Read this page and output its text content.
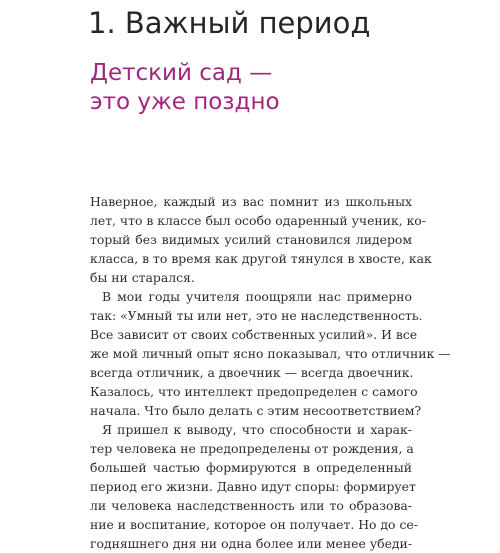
1. Важный период
Детский сад —
это уже поздно
Наверное, каждый из вас помнит из школьных
лет, что в классе был особо одаренный ученик, ко-
торый без видимых усилий становился лидером
класса, в то время как другой тянулся в хвосте, как
бы ни старался.
В мои годы учителя поощряли нас примерно
так: «Умный ты или нет, это не наследственность.
Все зависит от своих собственных усилий». И все
же мой личный опыт ясно показывал, что отличник —
всегда отличник, а двоечник — всегда двоечник.
Казалось, что интеллект предопределен с самого
начала. Что было делать с этим несоответствием?
Я пришел к выводу, что способности и харак-
тер человека не предопределены от рождения, а
большей частью формируются в определенный
период его жизни. Давно идут споры: формирует
ли человека наследственность или то образова-
ние и воспитание, которое он получает. Но до се-
годняшнего дня ни одна более или менее убеди-
